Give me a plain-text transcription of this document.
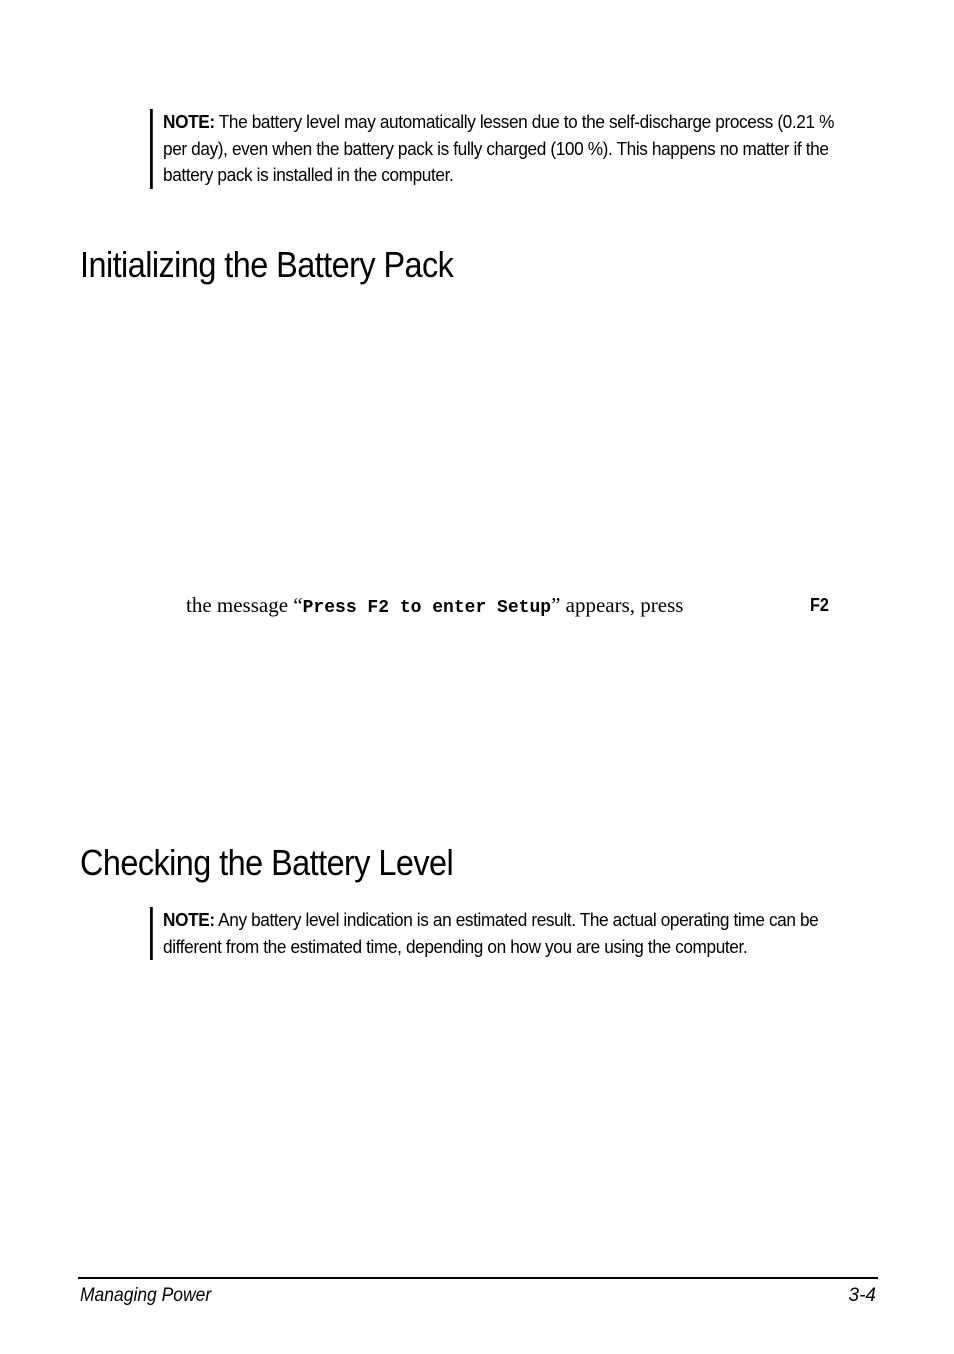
NOTE: The battery level may automatically lessen due to the self-discharge process (0.21 % per day), even when the battery pack is fully charged (100 %). This happens no matter if the battery pack is installed in the computer.
Initializing the Battery Pack
the message “Press F2 to enter Setup” appears, press	F2
Checking the Battery Level
NOTE: Any battery level indication is an estimated result. The actual operating time can be different from the estimated time, depending on how you are using the computer.
Managing Power	3-4
